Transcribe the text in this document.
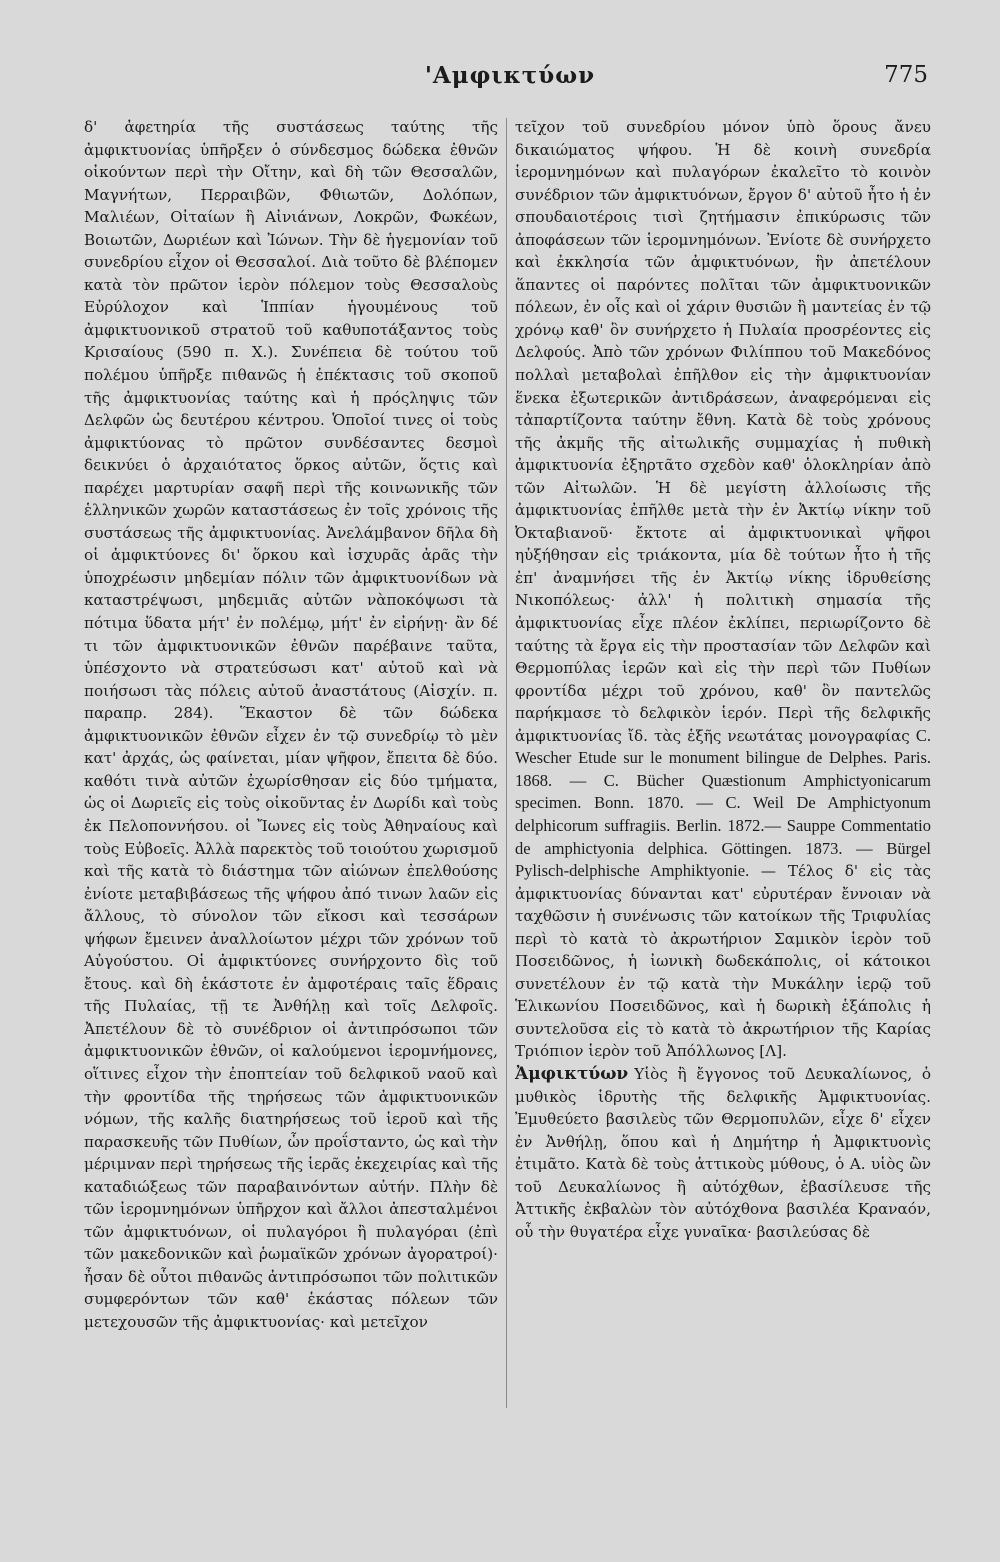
'Αμφικτύων	775
δ' ἀφετηρία τῆς συστάσεως ταύτης τῆς ἀμφικτυονίας ὑπῆρξεν ὁ σύνδεσμος δώδεκα ἐθνῶν οἰκούντων περὶ τὴν Οἴτην, καὶ δὴ τῶν Θεσσαλῶν, Μαγνήτων, Περραιβῶν, Φθιωτῶν, Δολόπων, Μαλιέων, Οἰταίων ἢ Αἰνιάνων, Λοκρῶν, Φωκέων, Βοιωτῶν, Δωριέων καὶ Ἰώνων. Τὴν δὲ ἡγεμονίαν τοῦ συνεδρίου εἶχον οἱ Θεσσαλοί. Διὰ τοῦτο δὲ βλέπομεν κατὰ τὸν πρῶτον ἱερὸν πόλεμον τοὺς Θεσσαλοὺς Εὐρύλοχον καὶ Ἱππίαν ἡγουμένους τοῦ ἀμφικτυονικοῦ στρατοῦ τοῦ καθυποτάξαντος τοὺς Κρισαίους (590 π. Χ.). Συνέπεια δὲ τούτου τοῦ πολέμου ὑπῆρξε πιθανῶς ἡ ἐπέκτασις τοῦ σκοποῦ τῆς ἀμφικτυονίας ταύτης καὶ ἡ πρόςληψις τῶν Δελφῶν ὡς δευτέρου κέντρου. Ὁποῖοί τινες οἱ τοὺς ἀμφικτύονας τὸ πρῶτον συνδέσαντες δεσμοὶ δεικνύει ὁ ἀρχαιότατος ὅρκος αὐτῶν, ὅςτις καὶ παρέχει μαρτυρίαν σαφῆ περὶ τῆς κοινωνικῆς τῶν ἑλληνικῶν χωρῶν καταστάσεως ἐν τοῖς χρόνοις τῆς συστάσεως τῆς ἀμφικτυονίας. Ἀνελάμβανον δῆλα δὴ οἱ ἀμφικτύονες δι' ὅρκου καὶ ἰσχυρᾶς ἀρᾶς τὴν ὑποχρέωσιν μηδεμίαν πόλιν τῶν ἀμφικτυονίδων νὰ καταστρέψωσι, μηδεμιᾶς αὐτῶν νὰποκόψωσι τὰ πότιμα ὕδατα μήτ' ἐν πολέμῳ, μήτ' ἐν εἰρήνῃ· ἂν δέ τι τῶν ἀμφικτυονικῶν ἐθνῶν παρέβαινε ταῦτα, ὑπέσχοντο νὰ στρατεύσωσι κατ' αὐτοῦ καὶ νὰ ποιήσωσι τὰς πόλεις αὐτοῦ ἀναστάτους (Αἰσχίν. π. παραπρ. 284). Ἕκαστον δὲ τῶν δώδεκα ἀμφικτυονικῶν ἐθνῶν εἶχεν ἐν τῷ συνεδρίῳ τὸ μὲν κατ' ἀρχάς, ὡς φαίνεται, μίαν ψῆφον, ἔπειτα δὲ δύο. καθότι τινὰ αὐτῶν ἐχωρίσθησαν εἰς δύο τμήματα, ὡς οἱ Δωριεῖς εἰς τοὺς οἰκοῦντας ἐν Δωρίδι καὶ τοὺς ἐκ Πελοποννήσου. οἱ Ἴωνες εἰς τοὺς Ἀθηναίους καὶ τοὺς Εὐβοεῖς. Ἀλλὰ παρεκτὸς τοῦ τοιούτου χωρισμοῦ καὶ τῆς κατὰ τὸ διάστημα τῶν αἰώνων ἐπελθούσης ἐνίοτε μεταβιβάσεως τῆς ψήφου ἀπό τινων λαῶν εἰς ἄλλους, τὸ σύνολον τῶν εἴκοσι καὶ τεσσάρων ψήφων ἔμεινεν ἀναλλοίωτον μέχρι τῶν χρόνων τοῦ Αὐγούστου. Οἱ ἀμφικτύονες συνήρχοντο δὶς τοῦ ἔτους. καὶ δὴ ἑκάστοτε ἐν ἀμφοτέραις ταῖς ἕδραις τῆς Πυλαίας, τῇ τε Ἀνθήλῃ καὶ τοῖς Δελφοῖς. Ἀπετέλουν δὲ τὸ συνέδριον οἱ ἀντιπρόσωποι τῶν ἀμφικτυονικῶν ἐθνῶν, οἱ καλούμενοι ἱερομνήμονες, οἵτινες εἶχον τὴν ἐποπτείαν τοῦ δελφικοῦ ναοῦ καὶ τὴν φροντίδα τῆς τηρήσεως τῶν ἀμφικτυονικῶν νόμων, τῆς καλῆς διατηρήσεως τοῦ ἱεροῦ καὶ τῆς παρασκευῆς τῶν Πυθίων, ὧν προΐσταντο, ὡς καὶ τὴν μέριμναν περὶ τηρήσεως τῆς ἱερᾶς ἐκεχειρίας καὶ τῆς καταδιώξεως τῶν παραβαινόντων αὐτήν. Πλὴν δὲ τῶν ἱερομνημόνων ὑπῆρχον καὶ ἄλλοι ἀπεσταλμένοι τῶν ἀμφικτυόνων, οἱ πυλαγόροι ἢ πυλαγόραι (ἐπὶ τῶν μακεδονικῶν καὶ ῥωμαϊκῶν χρόνων ἀγορατροί)· ἦσαν δὲ οὗτοι πιθανῶς ἀντιπρόσωποι τῶν πολιτικῶν συμφερόντων τῶν καθ' ἑκάστας πόλεων τῶν μετεχουσῶν τῆς ἀμφικτυονίας· καὶ μετεῖχον
τεῖχον τοῦ συνεδρίου μόνον ὑπὸ ὅρους ἄνευ δικαιώματος ψήφου. Ἡ δὲ κοινὴ συνεδρία ἱερομνημόνων καὶ πυλαγόρων ἐκαλεῖτο τὸ κοινὸν συνέδριον τῶν ἀμφικτυόνων, ἔργον δ' αὐτοῦ ἦτο ἡ ἐν σπουδαιοτέροις τισὶ ζητήμασιν ἐπικύρωσις τῶν ἀποφάσεων τῶν ἱερομνημόνων. Ἐνίοτε δὲ συνήρχετο καὶ ἐκκλησία τῶν ἀμφικτυόνων, ἣν ἀπετέλουν ἅπαντες οἱ παρόντες πολῖται τῶν ἀμφικτυονικῶν πόλεων, ἐν οἷς καὶ οἱ χάριν θυσιῶν ἢ μαντείας ἐν τῷ χρόνῳ καθ' ὃν συνήρχετο ἡ Πυλαία προσρέοντες εἰς Δελφούς. Ἀπὸ τῶν χρόνων Φιλίππου τοῦ Μακεδόνος πολλαὶ μεταβολαὶ ἐπῆλθον εἰς τὴν ἀμφικτυονίαν ἕνεκα ἐξωτερικῶν ἀντιδράσεων, ἀναφερόμεναι εἰς τἀπαρτίζοντα ταύτην ἔθνη. Κατὰ δὲ τοὺς χρόνους τῆς ἀκμῆς τῆς αἰτωλικῆς συμμαχίας ἡ πυθικὴ ἀμφικτυονία ἐξηρτᾶτο σχεδὸν καθ' ὁλοκληρίαν ἀπὸ τῶν Αἰτωλῶν. Ἡ δὲ μεγίστη ἀλλοίωσις τῆς ἀμφικτυονίας ἐπῆλθε μετὰ τὴν ἐν Ἀκτίῳ νίκην τοῦ Ὀκταβιανοῦ· ἔκτοτε αἱ ἀμφικτυονικαὶ ψῆφοι ηὐξήθησαν εἰς τριάκοντα, μία δὲ τούτων ἦτο ἡ τῆς ἐπ' ἀναμνήσει τῆς ἐν Ἀκτίῳ νίκης ἱδρυθείσης Νικοπόλεως· ἀλλ' ἡ πολιτικὴ σημασία τῆς ἀμφικτυονίας εἶχε πλέον ἐκλίπει, περιωρίζοντο δὲ ταύτης τὰ ἔργα εἰς τὴν προστασίαν τῶν Δελφῶν καὶ Θερμοπύλας ἱερῶν καὶ εἰς τὴν περὶ τῶν Πυθίων φροντίδα μέχρι τοῦ χρόνου, καθ' ὃν παντελῶς παρήκμασε τὸ δελφικὸν ἱερόν. Περὶ τῆς δελφικῆς ἀμφικτυονίας ἴδ. τὰς ἑξῆς νεωτάτας μονογραφίας C. Wescher Etude sur le monument bilingue de Delphes. Paris. 1868. — C. Bücher Quæstionum Amphictyonicarum specimen. Bonn. 1870. — C. Weil De Amphictyonum delphicorum suffragiis. Berlin. 1872.— Sauppe Commentatio de amphictyonia delphica. Göttingen. 1873. — Bürgel Pylisch-delphische Amphiktyonie. — Τέλος δ' εἰς τὰς ἀμφικτυονίας δύνανται κατ' εὐρυτέραν ἔννοιαν νὰ ταχθῶσιν ἡ συνένωσις τῶν κατοίκων τῆς Τριφυλίας περὶ τὸ κατὰ τὸ ἀκρωτήριον Σαμικὸν ἱερὸν τοῦ Ποσειδῶνος, ἡ ἰωνικὴ δωδεκάπολις, οἱ κάτοικοι συνετέλουν ἐν τῷ κατὰ τὴν Μυκάλην ἱερῷ τοῦ Ἑλικωνίου Ποσειδῶνος, καὶ ἡ δωρικὴ ἑξάπολις ἡ συντελοῦσα εἰς τὸ κατὰ τὸ ἀκρωτήριον τῆς Καρίας Τριόπιον ἱερὸν τοῦ Ἀπόλλωνος [Λ].
Ἀμφικτύων Υἱὸς ἢ ἔγγονος τοῦ Δευκαλίωνος, ὁ μυθικὸς ἱδρυτὴς τῆς δελφικῆς Ἀμφικτυονίας. Ἐμυθεύετο βασιλεὺς τῶν Θερμοπυλῶν, εἶχε δ' εἶχεν ἐν Ἀνθήλῃ, ὅπου καὶ ἡ Δημήτηρ ἡ Ἀμφικτυονὶς ἐτιμᾶτο. Κατὰ δὲ τοὺς ἀττικοὺς μύθους, ὁ Α. υἱὸς ὢν τοῦ Δευκαλίωνος ἢ αὐτόχθων, ἐβασίλευσε τῆς Ἀττικῆς ἐκβαλὼν τὸν αὐτόχθονα βασιλέα Κραναόν, οὗ τὴν θυγατέρα εἶχε γυναῖκα· βασιλεύσας δὲ
